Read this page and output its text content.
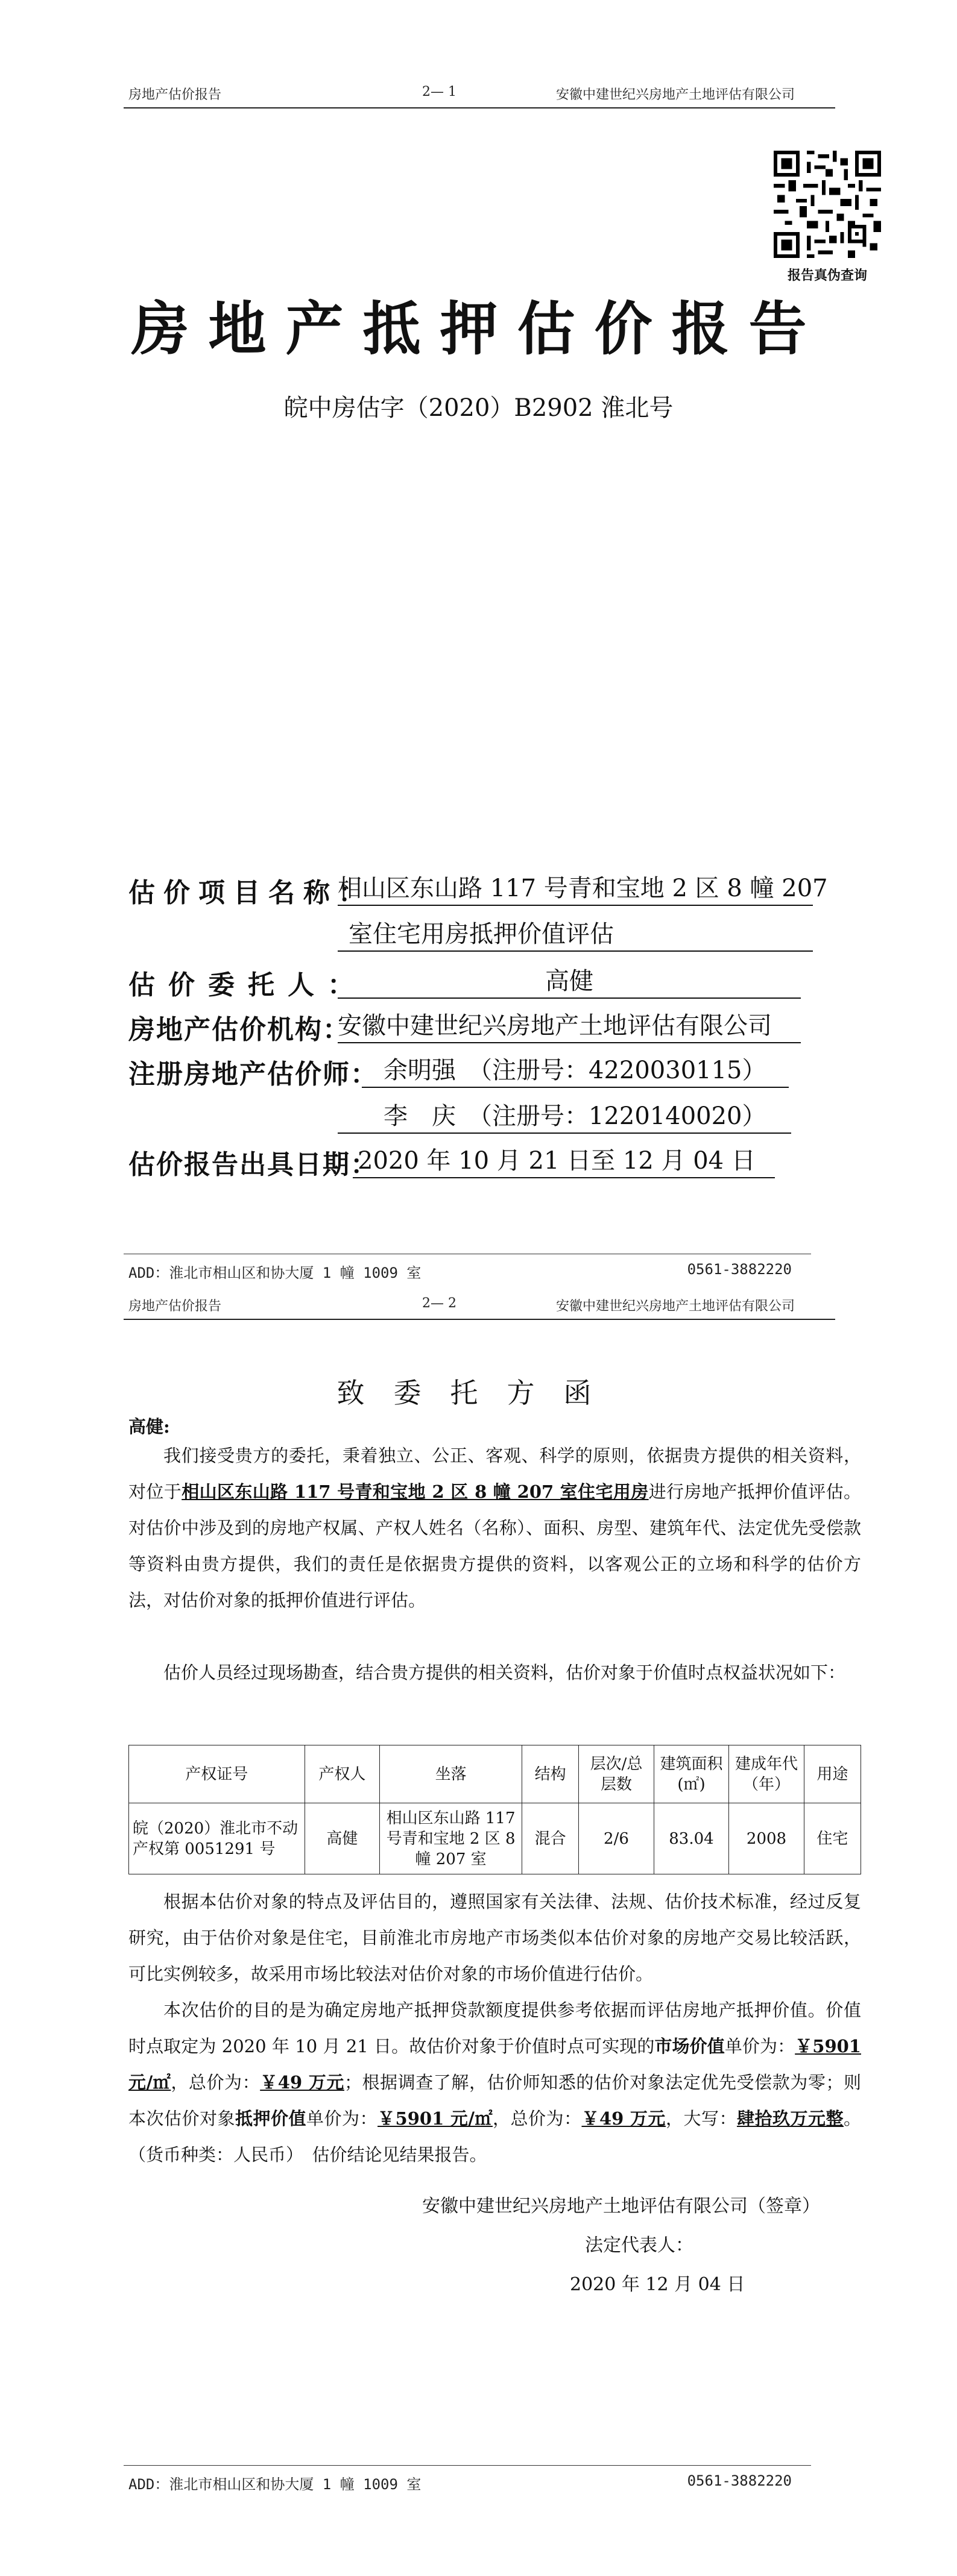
房地产估价报告	2— 1	安徽中建世纪兴房地产土地评估有限公司
报告真伪查询
房地产抵押估价报告
皖中房估字（2020）B2902 淮北号
估价项目名称：
相山区东山路 117 号青和宝地 2 区 8 幢 207
室住宅用房抵押价值评估
估价委托人：	高健
房地产估价机构：
安徽中建世纪兴房地产土地评估有限公司
注册房地产估价师： 余明强　（注册号：4220030115）
李　庆　（注册号：1220140020）
估价报告出具日期：
2020 年 10 月 21 日至 12 月 04 日
ADD：淮北市相山区和协大厦 1 幢 1009 室	0561-3882220
房地产估价报告	2— 2	安徽中建世纪兴房地产土地评估有限公司
致委托方函
高健:
我们接受贵方的委托，秉着独立、公正、客观、科学的原则，依据贵方提供的相关资料，对位于相山区东山路 117 号青和宝地 2 区 8 幢 207 室住宅用房进行房地产抵押价值评估。对估价中涉及到的房地产权属、产权人姓名（名称）、面积、房型、建筑年代、法定优先受偿款等资料由贵方提供，我们的责任是依据贵方提供的资料，以客观公正的立场和科学的估价方法，对估价对象的抵押价值进行评估。
估价人员经过现场勘查，结合贵方提供的相关资料，估价对象于价值时点权益状况如下：
产权证号	产权人	坐落	结构	层次/总层数	建筑面积(㎡)	建成年代（年）	用途
皖（2020）淮北市不动产权第 0051291 号	高健	相山区东山路 117 号青和宝地 2 区 8 幢 207 室	混合	2/6	83.04	2008	住宅
根据本估价对象的特点及评估目的，遵照国家有关法律、法规、估价技术标准，经过反复研究，由于估价对象是住宅，目前淮北市房地产市场类似本估价对象的房地产交易比较活跃，可比实例较多，故采用市场比较法对估价对象的市场价值进行估价。
本次估价的目的是为确定房地产抵押贷款额度提供参考依据而评估房地产抵押价值。价值时点取定为 2020 年 10 月 21 日。故估价对象于价值时点可实现的市场价值单价为：￥5901 元/㎡，总价为：￥49 万元；根据调查了解，估价师知悉的估价对象法定优先受偿款为零；则本次估价对象抵押价值单价为：￥5901 元/㎡，总价为：￥49 万元，大写：肆拾玖万元整。（货币种类：人民币）　估价结论见结果报告。
安徽中建世纪兴房地产土地评估有限公司（签章）
法定代表人：
2020 年 12 月 04 日
ADD：淮北市相山区和协大厦 1 幢 1009 室	0561-3882220
